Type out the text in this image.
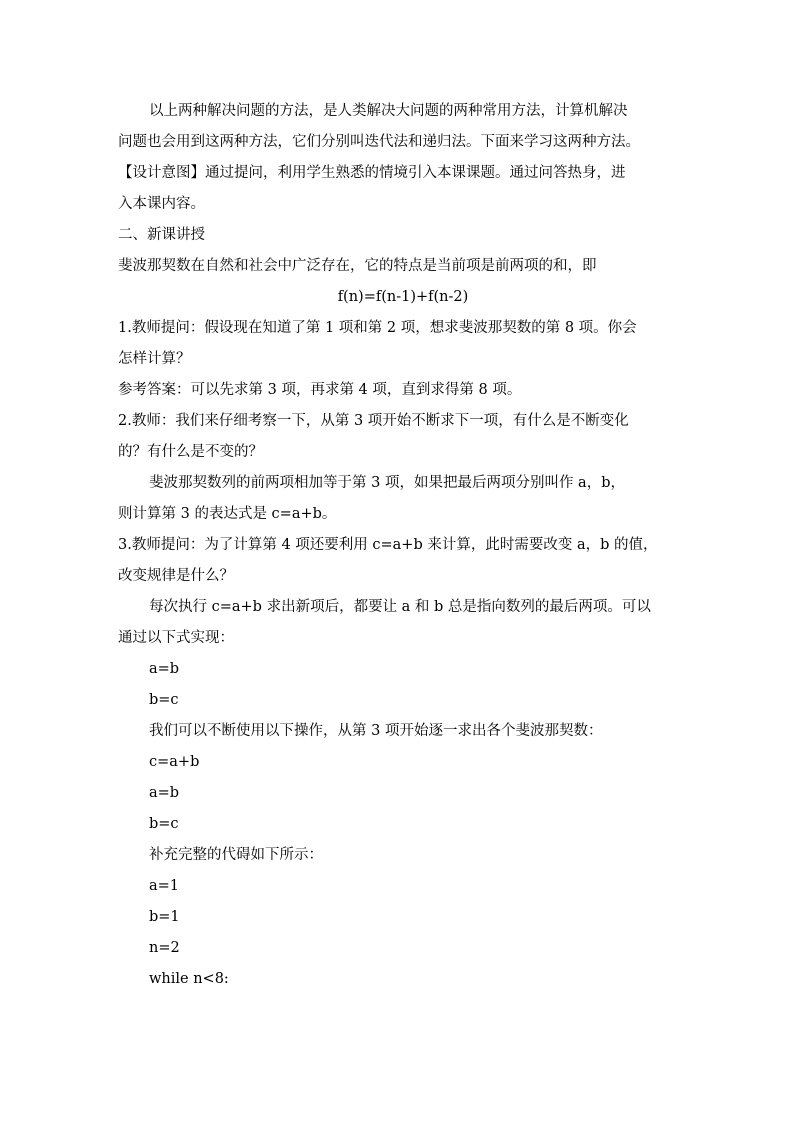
以上两种解决问题的方法，是人类解决大问题的两种常用方法，计算机解决
问题也会用到这两种方法，它们分别叫迭代法和递归法。下面来学习这两种方法。
【设计意图】通过提问，利用学生熟悉的情境引入本课课题。通过问答热身，进
入本课内容。
二、新课讲授
斐波那契数在自然和社会中广泛存在，它的特点是当前项是前两项的和，即
f(n)=f(n-1)+f(n-2)
1.教师提问：假设现在知道了第 1 项和第 2 项，想求斐波那契数的第 8 项。你会
怎样计算？
参考答案：可以先求第 3 项，再求第 4 项，直到求得第 8 项。
2.教师：我们来仔细考察一下，从第 3 项开始不断求下一项，有什么是不断变化
的？有什么是不变的？
斐波那契数列的前两项相加等于第 3 项，如果把最后两项分别叫作 a，b，
则计算第 3 的表达式是 c=a+b。
3.教师提问：为了计算第 4 项还要利用 c=a+b 来计算，此时需要改变 a，b 的值，
改变规律是什么？
每次执行 c=a+b 求出新项后，都要让 a 和 b 总是指向数列的最后两项。可以
通过以下式实现：
a=b
b=c
我们可以不断使用以下操作，从第 3 项开始逐一求出各个斐波那契数：
c=a+b
a=b
b=c
补充完整的代碍如下所示：
a=1
b=1
n=2
while n<8:
